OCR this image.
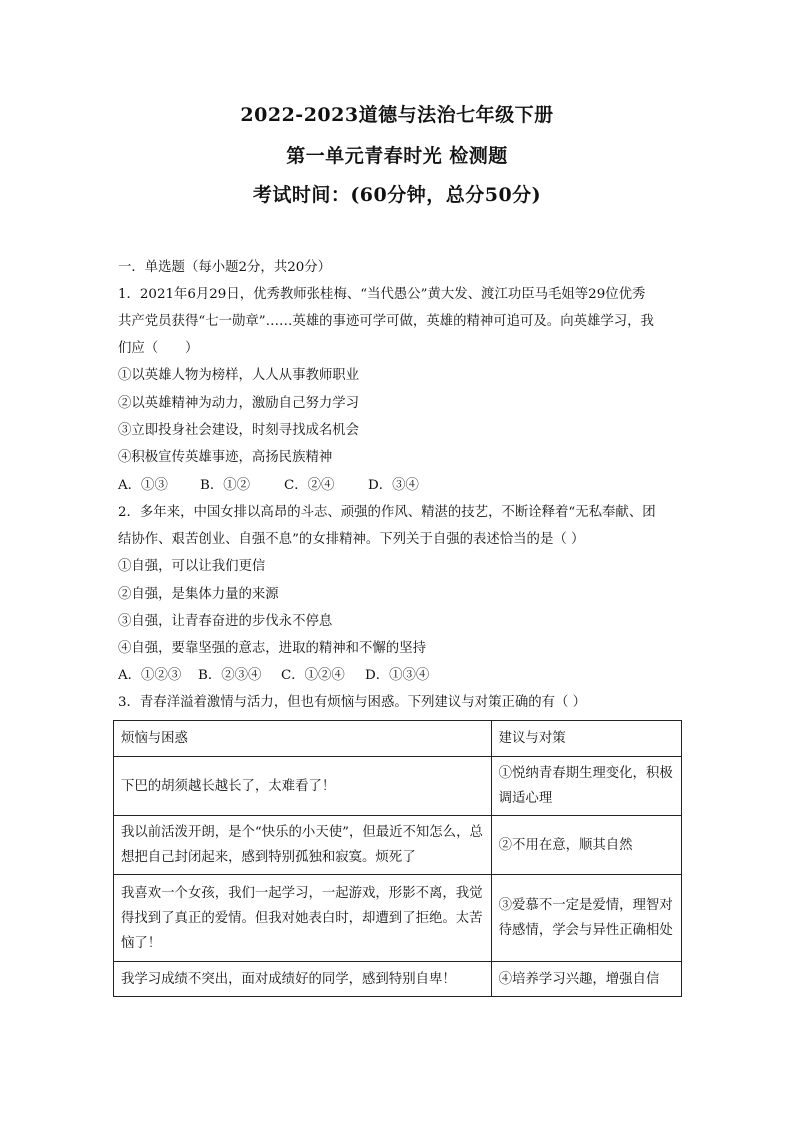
2022-2023道德与法治七年级下册
第一单元青春时光 检测题
考试时间：(60分钟，总分50分)
一．单选题（每小题2分，共20分）
1．2021年6月29日，优秀教师张桂梅、“当代愚公”黄大发、渡江功臣马毛姐等29位优秀
共产党员获得“七一勋章”……英雄的事迹可学可做，英雄的精神可追可及。向英雄学习，我
们应（　　）
①以英雄人物为榜样，人人从事教师职业
②以英雄精神为动力，激励自己努力学习
③立即投身社会建设，时刻寻找成名机会
④积极宣传英雄事迹，高扬民族精神
A．①③ B．①②	C．②④	D．③④
2．多年来，中国女排以高昂的斗志、顽强的作风、精湛的技艺，不断诠释着“无私奉献、团
结协作、艰苦创业、自强不息”的女排精神。下列关于自强的表述恰当的是（ ）
①自强，可以让我们更信
②自强，是集体力量的来源
③自强，让青春奋进的步伐永不停息
④自强，要靠坚强的意志，进取的精神和不懈的坚持
A．①②③ B．②③④ C．①②④ D．①③④
3．青春洋溢着激情与活力，但也有烦恼与困惑。下列建议与对策正确的有（ ）
烦恼与困惑	建议与对策

下巴的胡须越长越长了，太难看了！	①悦纳青春期生理变化，积极调适心理

我以前活泼开朗，是个“快乐的小天使”，但最近不知怎么，总想把自己封闭起来，感到特别孤独和寂寞。烦死了	②不用在意，顺其自然

我喜欢一个女孩，我们一起学习，一起游戏，形影不离，我觉得找到了真正的爱情。但我对她表白时，却遭到了拒绝。太苦恼了！	③爱慕不一定是爱情，理智对待感情，学会与异性正确相处

我学习成绩不突出，面对成绩好的同学，感到特别自卑！	④培养学习兴趣，增强自信
